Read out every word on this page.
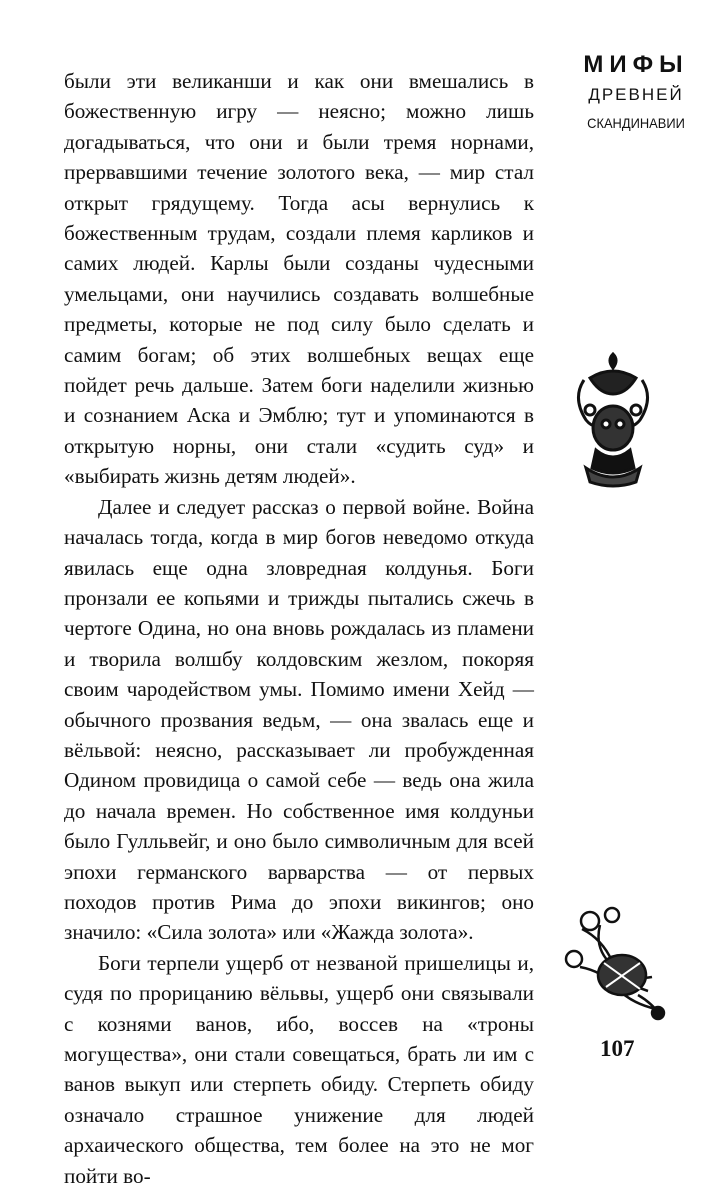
МИФЫ
ДРЕВНЕЙ
СКАНДИНАВИИ

были эти великанши и как они вмешались в божественную игру — неясно; можно лишь догадываться, что они и были тремя норнами, прервавшими течение золотого века, — мир стал открыт грядущему. Тогда асы вернулись к божественным трудам, создали племя карликов и самих людей. Карлы были созданы чудесными умельцами, они научились создавать волшебные предметы, которые не под силу было сделать и самим богам; об этих волшебных вещах еще пойдет речь дальше. Затем боги наделили жизнью и сознанием Аска и Эмблю; тут и упоминаются в открытую норны, они стали «судить суд» и «выбирать жизнь детям людей».

Далее и следует рассказ о первой войне. Война началась тогда, когда в мир богов неведомо откуда явилась еще одна зловредная колдунья. Боги пронзали ее копьями и трижды пытались сжечь в чертоге Одина, но она вновь рождалась из пламени и творила волшбу колдовским жезлом, покоряя своим чародейством умы. Помимо имени Хейд — обычного прозвания ведьм, — она звалась еще и вёльвой: неясно, рассказывает ли пробужденная Одином провидица о самой себе — ведь она жила до начала времен. Но собственное имя колдуньи было Гулльвейг, и оно было символичным для всей эпохи германского варварства — от первых походов против Рима до эпохи викингов; оно значило: «Сила золота» или «Жажда золота».

Боги терпели ущерб от незваной пришелицы и, судя по прорицанию вёльвы, ущерб они связывали с кознями ванов, ибо, воссев на «троны могущества», они стали совещаться, брать ли им с ванов выкуп или стерпеть обиду. Стерпеть обиду означало страшное унижение для людей архаического общества, тем более на это не мог пойти во-

107
